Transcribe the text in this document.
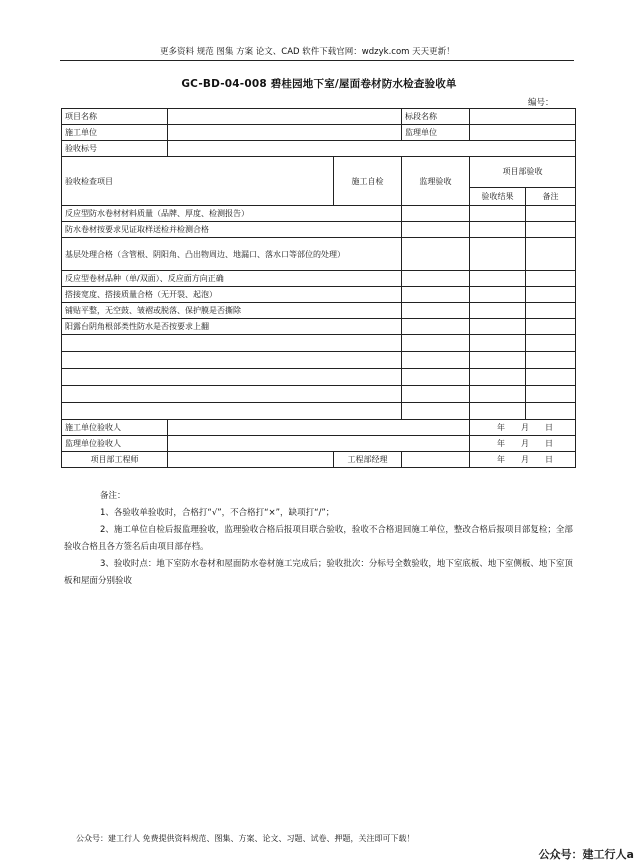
更多资料 规范 图集 方案 论文、CAD 软件下载官网：wdzyk.com 天天更新！
GC-BD-04-008 碧桂园地下室/屋面卷材防水检查验收单
编号：
项目名称			标段名称		
施工单位			监理单位		
验收标号					
验收检查项目		施工自检	监理验收	项目部验收	
				验收结果	备注
反应型防水卷材材料质量（品牌、厚度、检测报告）					
防水卷材按要求见证取样送检并检测合格					
基层处理合格（含管根、阴阳角、凸出物周边、地漏口、落水口等部位的处理）					
反应型卷材品种（单/双面）、反应面方向正确					
搭接宽度、搭接质量合格（无开裂、起泡）					
铺贴平整，无空鼓、皱褶或脱落、保护膜是否撕除					
阳露台阴角根部类性防水是否按要求上翻					

施工单位验收人				年 月 日	
监理单位验收人				年 月 日	
项目部工程师		工程部经理		年 月 日	
备注：
1、各验收单验收时，合格打“√”，不合格打“×”，缺项打“/”；
2、施工单位自检后报监理验收，监理验收合格后报项目联合验收，验收不合格退回施工单位，整改合格后报项目部复检；全部验收合格且各方签名后由项目部存档。
3、验收时点：地下室防水卷材和屋面防水卷材施工完成后；验收批次：分标号全数验收，地下室底板、地下室侧板、地下室顶板和屋面分别验收
公众号：建工行人 免费提供资料规范、图集、方案、论文、习题、试卷、押题，关注即可下载！
公众号：建工行人a
